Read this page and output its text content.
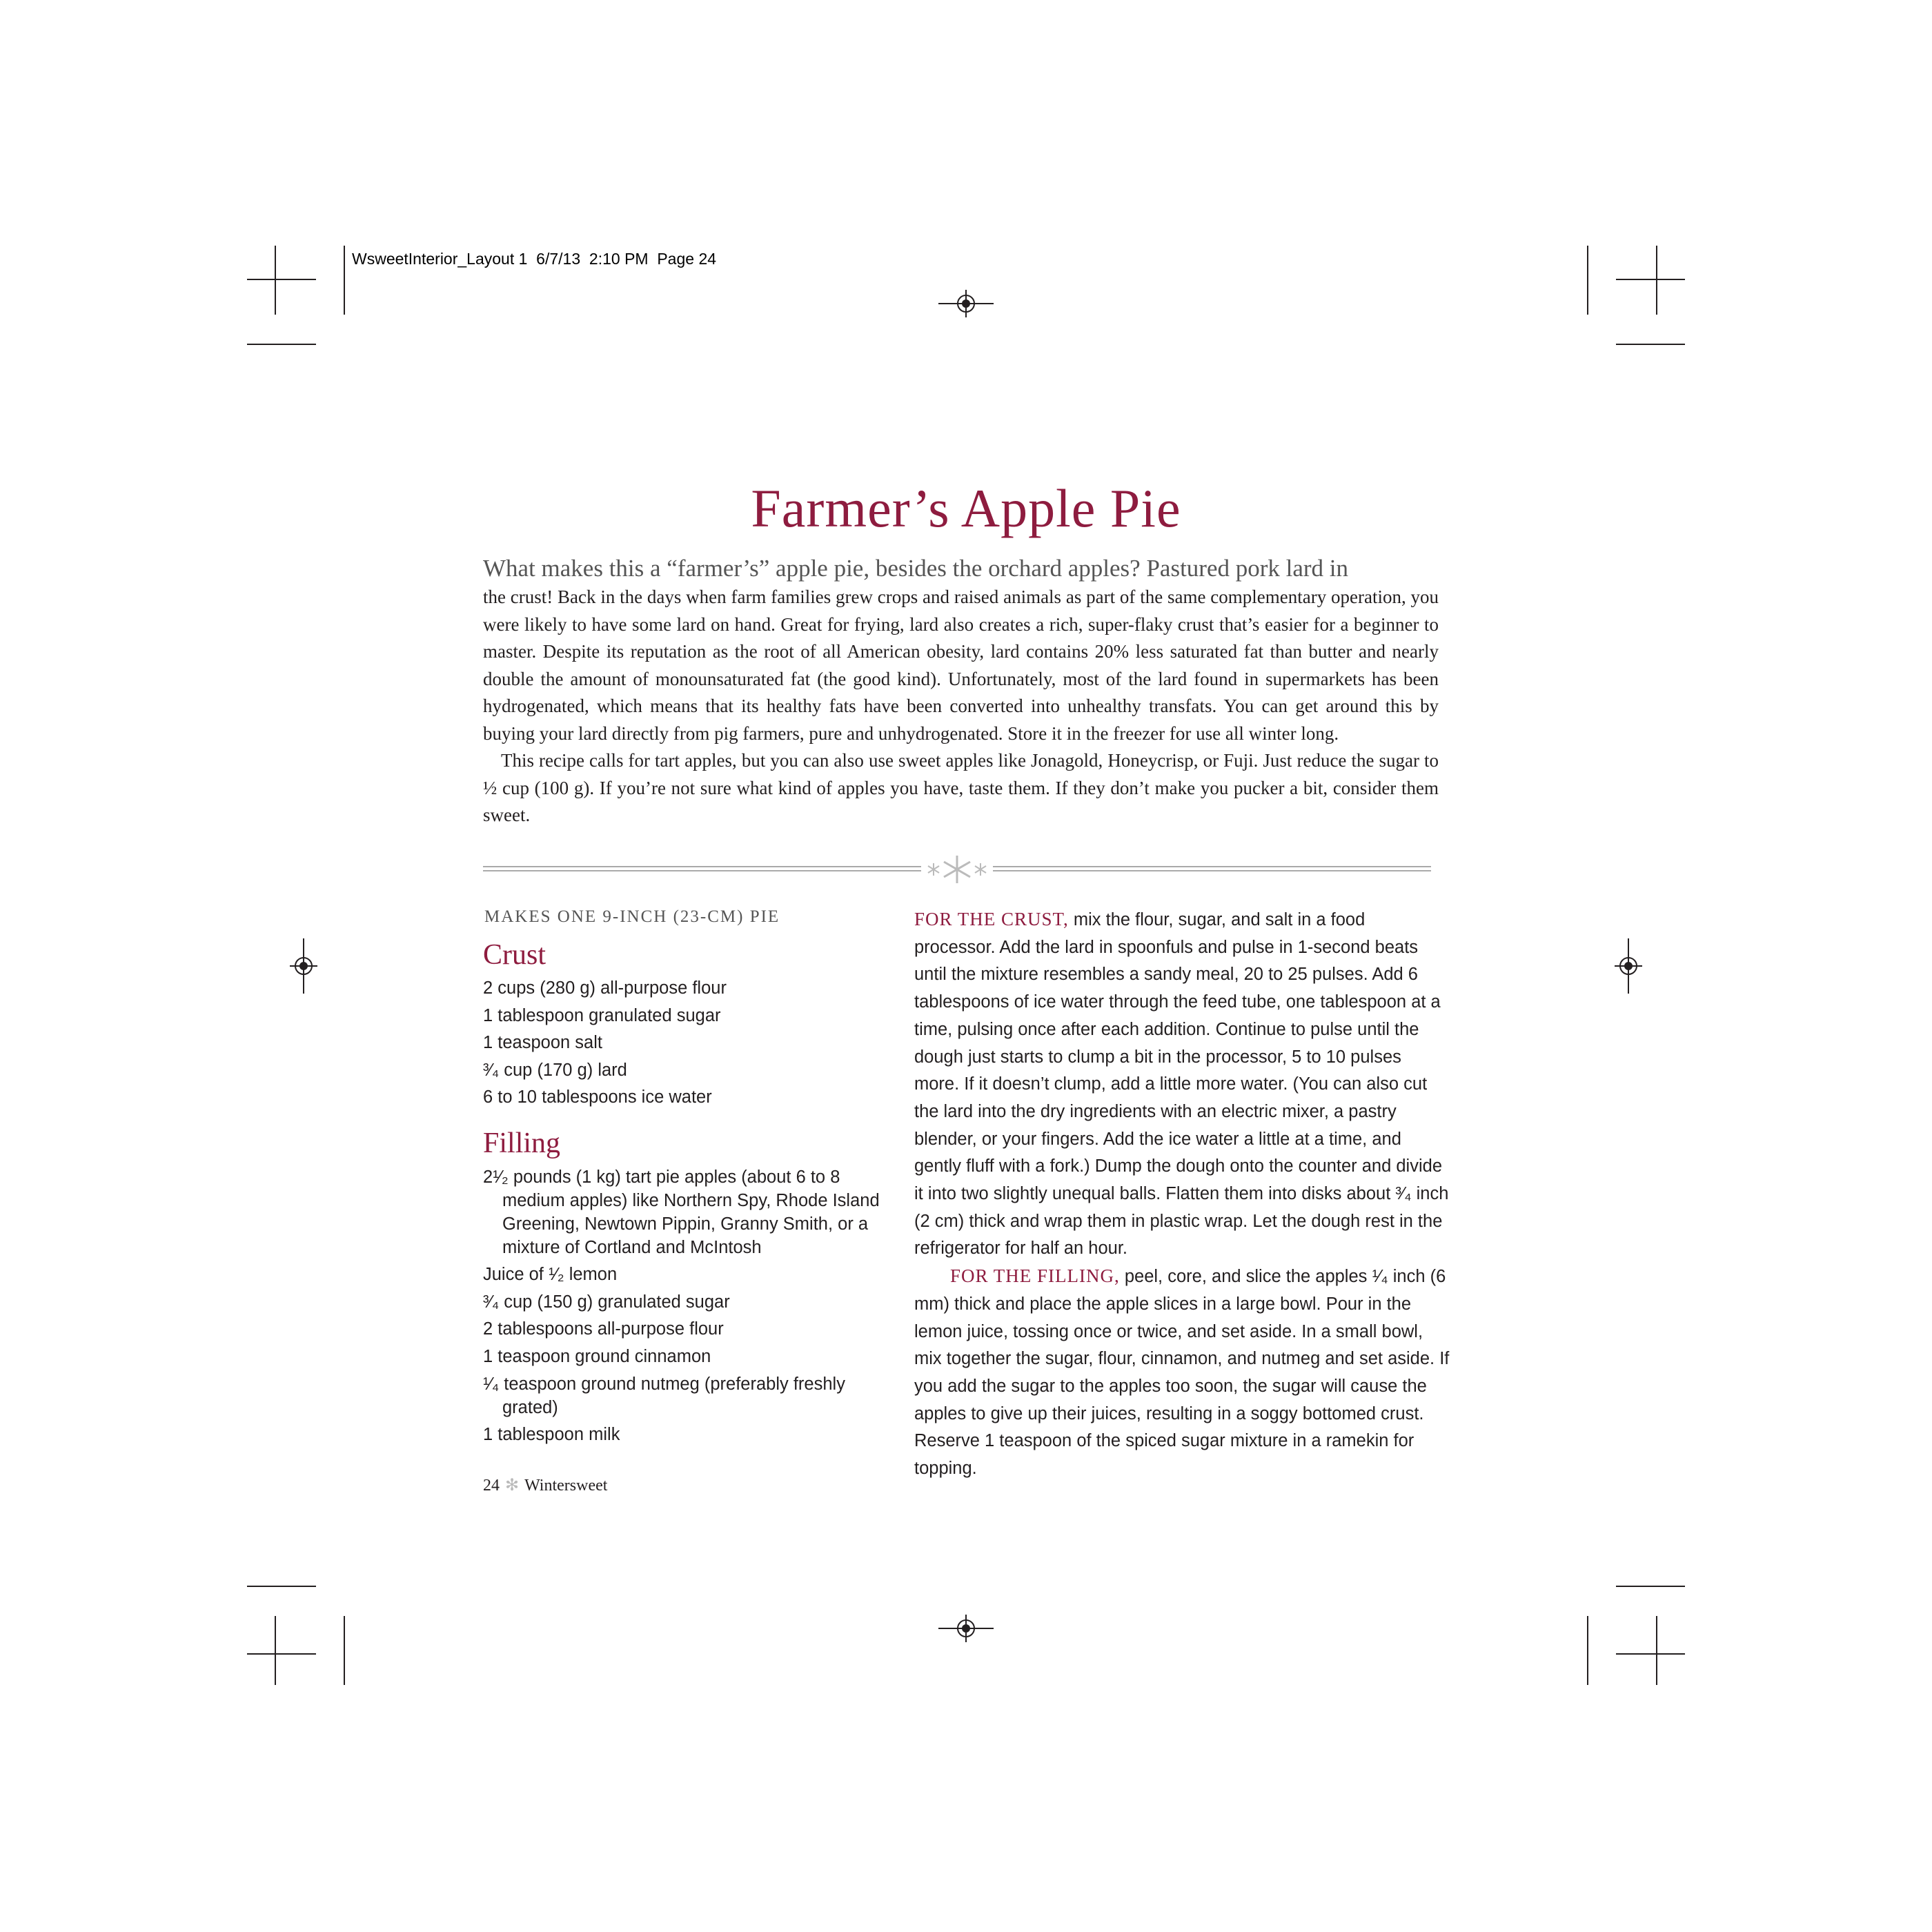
WsweetInterior_Layout 1  6/7/13  2:10 PM  Page 24
Farmer’s Apple Pie
What makes this a “farmer’s” apple pie, besides the orchard apples? Pastured pork lard in

the crust! Back in the days when farm families grew crops and raised animals as part of the same complementary operation, you were likely to have some lard on hand. Great for frying, lard also creates a rich, super-flaky crust that’s easier for a beginner to master. Despite its reputation as the root of all American obesity, lard contains 20% less saturated fat than butter and nearly double the amount of monounsaturated fat (the good kind). Unfortunately, most of the lard found in supermarkets has been hydrogenated, which means that its healthy fats have been converted into unhealthy transfats. You can get around this by buying your lard directly from pig farmers, pure and unhydrogenated. Store it in the freezer for use all winter long.

This recipe calls for tart apples, but you can also use sweet apples like Jonagold, Honeycrisp, or Fuji. Just reduce the sugar to ½ cup (100 g). If you’re not sure what kind of apples you have, taste them. If they don’t make you pucker a bit, consider them sweet.

MAKES ONE 9-INCH (23-CM) PIE
Crust
2 cups (280 g) all-purpose flour
1 tablespoon granulated sugar
1 teaspoon salt
³⁄₄ cup (170 g) lard
6 to 10 tablespoons ice water
Filling
2¹⁄₂ pounds (1 kg) tart pie apples (about 6 to 8 medium apples) like Northern Spy, Rhode Island Greening, Newtown Pippin, Granny Smith, or a mixture of Cortland and McIntosh
Juice of ¹⁄₂ lemon
³⁄₄ cup (150 g) granulated sugar
2 tablespoons all-purpose flour
1 teaspoon ground cinnamon
¹⁄₄ teaspoon ground nutmeg (preferably freshly grated)
1 tablespoon milk

FOR THE CRUST, mix the flour, sugar, and salt in a food processor. Add the lard in spoonfuls and pulse in 1-second beats until the mixture resembles a sandy meal, 20 to 25 pulses. Add 6 tablespoons of ice water through the feed tube, one tablespoon at a time, pulsing once after each addition. Continue to pulse until the dough just starts to clump a bit in the processor, 5 to 10 pulses more. If it doesn’t clump, add a little more water. (You can also cut the lard into the dry ingredients with an electric mixer, a pastry blender, or your fingers. Add the ice water a little at a time, and gently fluff with a fork.) Dump the dough onto the counter and divide it into two slightly unequal balls. Flatten them into disks about ³⁄₄ inch (2 cm) thick and wrap them in plastic wrap. Let the dough rest in the refrigerator for half an hour.

FOR THE FILLING, peel, core, and slice the apples ¹⁄₄ inch (6 mm) thick and place the apple slices in a large bowl. Pour in the lemon juice, tossing once or twice, and set aside. In a small bowl, mix together the sugar, flour, cinnamon, and nutmeg and set aside. If you add the sugar to the apples too soon, the sugar will cause the apples to give up their juices, resulting in a soggy bottomed crust. Reserve 1 teaspoon of the spiced sugar mixture in a ramekin for topping.

24 ✻ Wintersweet
